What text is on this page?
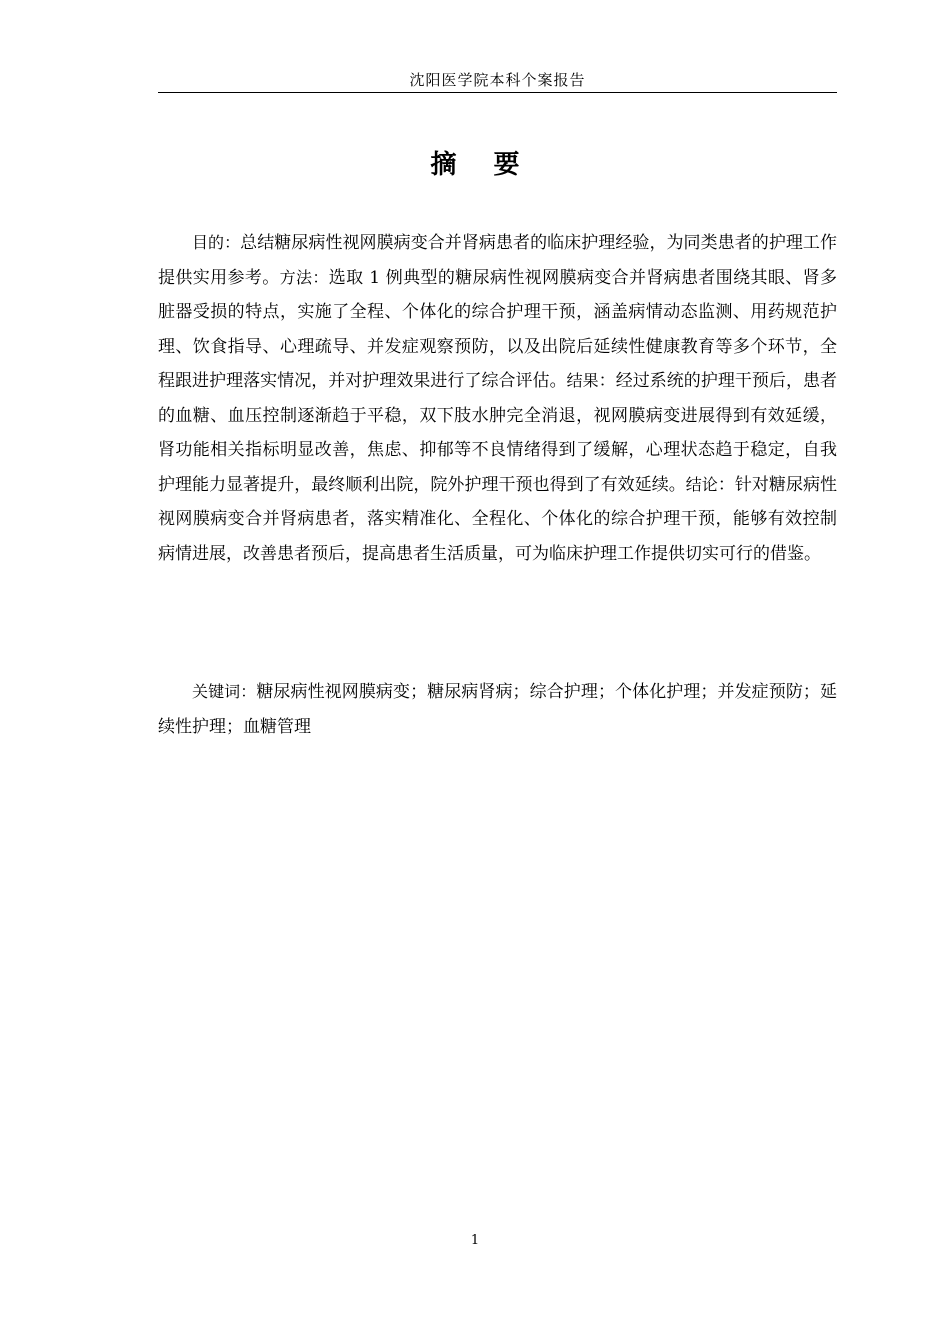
沈阳医学院本科个案报告
摘 要

目的：总结糖尿病性视网膜病变合并肾病患者的临床护理经验，为同类患者的护理工作提供实用参考。方法：选取 1 例典型的糖尿病性视网膜病变合并肾病患者围绕其眼、肾多脏器受损的特点，实施了全程、个体化的综合护理干预，涵盖病情动态监测、用药规范护理、饮食指导、心理疏导、并发症观察预防，以及出院后延续性健康教育等多个环节，全程跟进护理落实情况，并对护理效果进行了综合评估。结果：经过系统的护理干预后，患者的血糖、血压控制逐渐趋于平稳，双下肢水肿完全消退，视网膜病变进展得到有效延缓，肾功能相关指标明显改善，焦虑、抑郁等不良情绪得到了缓解，心理状态趋于稳定，自我护理能力显著提升，最终顺利出院，院外护理干预也得到了有效延续。结论：针对糖尿病性视网膜病变合并肾病患者，落实精准化、全程化、个体化的综合护理干预，能够有效控制病情进展，改善患者预后，提高患者生活质量，可为临床护理工作提供切实可行的借鉴。

关键词：糖尿病性视网膜病变；糖尿病肾病；综合护理；个体化护理；并发症预防；延续性护理；血糖管理

1
